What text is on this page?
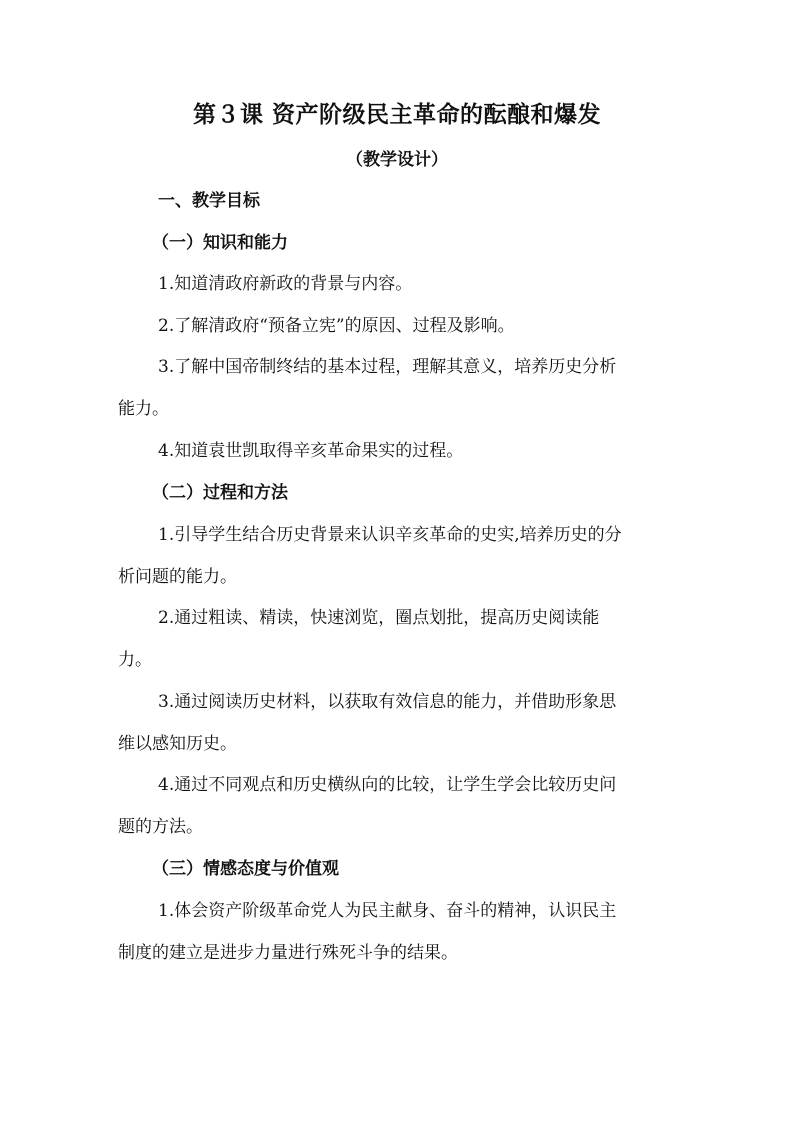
第３课 资产阶级民主革命的酝酿和爆发
（教学设计）
一、教学目标
（一）知识和能力
1.知道清政府新政的背景与内容。
2.了解清政府“预备立宪”的原因、过程及影响。
3.了解中国帝制终结的基本过程，理解其意义，培养历史分析
能力。
4.知道袁世凯取得辛亥革命果实的过程。
（二）过程和方法
1.引导学生结合历史背景来认识辛亥革命的史实,培养历史的分
析问题的能力。
2.通过粗读、精读，快速浏览，圈点划批，提高历史阅读能
力。
3.通过阅读历史材料，以获取有效信息的能力，并借助形象思
维以感知历史。
4.通过不同观点和历史横纵向的比较，让学生学会比较历史问
题的方法。
（三）情感态度与价值观
1.体会资产阶级革命党人为民主献身、奋斗的精神，认识民主
制度的建立是进步力量进行殊死斗争的结果。
